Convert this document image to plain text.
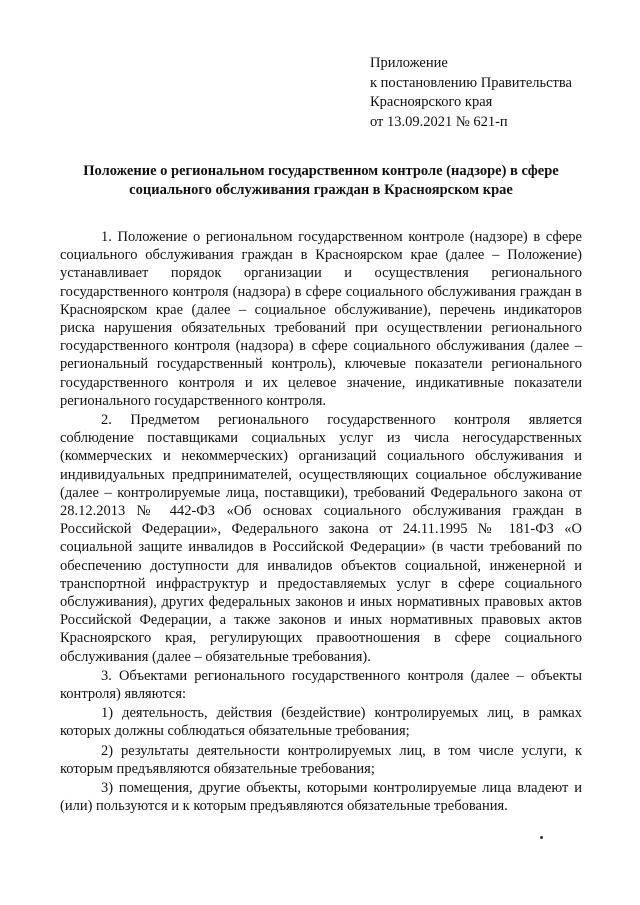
Приложение
к постановлению Правительства
Красноярского края
от 13.09.2021 № 621-п
Положение о региональном государственном контроле (надзоре) в сфере социального обслуживания граждан в Красноярском крае

1. Положение о региональном государственном контроле (надзоре) в сфере социального обслуживания граждан в Красноярском крае (далее – Положение) устанавливает порядок организации и осуществления регионального государственного контроля (надзора) в сфере социального обслуживания граждан в Красноярском крае (далее – социальное обслуживание), перечень индикаторов риска нарушения обязательных требований при осуществлении регионального государственного контроля (надзора) в сфере социального обслуживания (далее – региональный государственный контроль), ключевые показатели регионального государственного контроля и их целевое значение, индикативные показатели регионального государственного контроля.

2. Предметом регионального государственного контроля является соблюдение поставщиками социальных услуг из числа негосударственных (коммерческих и некоммерческих) организаций социального обслуживания и индивидуальных предпринимателей, осуществляющих социальное обслуживание (далее – контролируемые лица, поставщики), требований Федерального закона от 28.12.2013 № 442-ФЗ «Об основах социального обслуживания граждан в Российской Федерации», Федерального закона от 24.11.1995 № 181-ФЗ «О социальной защите инвалидов в Российской Федерации» (в части требований по обеспечению доступности для инвалидов объектов социальной, инженерной и транспортной инфраструктур и предоставляемых услуг в сфере социального обслуживания), других федеральных законов и иных нормативных правовых актов Российской Федерации, а также законов и иных нормативных правовых актов Красноярского края, регулирующих правоотношения в сфере социального обслуживания (далее – обязательные требования).

3. Объектами регионального государственного контроля (далее – объекты контроля) являются:

1) деятельность, действия (бездействие) контролируемых лиц, в рамках которых должны соблюдаться обязательные требования;

2) результаты деятельности контролируемых лиц, в том числе услуги, к которым предъявляются обязательные требования;

3) помещения, другие объекты, которыми контролируемые лица владеют и (или) пользуются и к которым предъявляются обязательные требования.
